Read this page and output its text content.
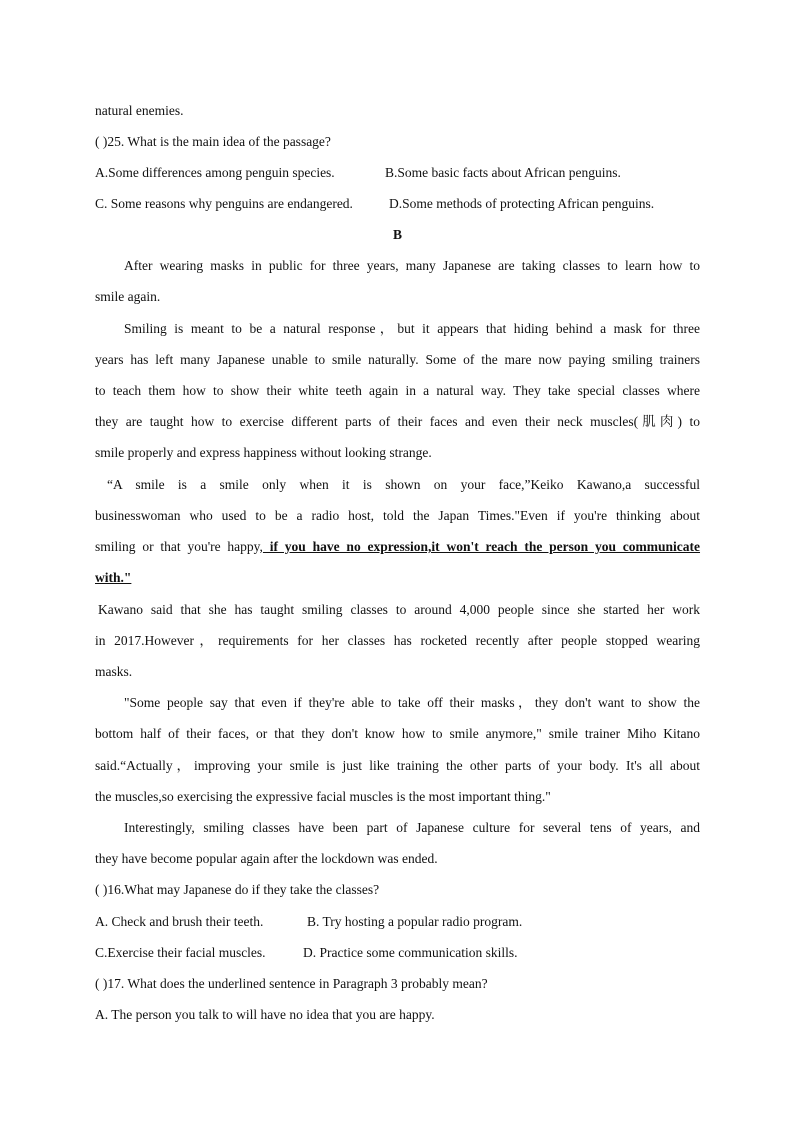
natural enemies.
( )25. What is the main idea of the passage?
A.Some differences among penguin species.	B.Some basic facts about African penguins.
C. Some reasons why penguins are endangered.	D.Some methods of protecting African penguins.
B
After wearing masks in public for three years, many Japanese are taking classes to learn how to
smile again.
Smiling is meant to be a natural response，but it appears that hiding behind a mask for three
years has left many Japanese unable to smile naturally. Some of the mare now paying smiling trainers
to teach them how to show their white teeth again in a natural way. They take special classes where
they are taught how to exercise different parts of their faces and even their neck muscles(肌肉) to
smile properly and express happiness without looking strange.
“A smile is a smile only when it is shown on your face,”Keiko Kawano,a successful
businesswoman who used to be a radio host, told the Japan Times."Even if you're thinking about
smiling or that you're happy, if you have no expression,it won't reach the person you communicate
with."
Kawano said that she has taught smiling classes to around 4,000 people since she started her work
in 2017.However，requirements for her classes has rocketed recently after people stopped wearing
masks.
"Some people say that even if they're able to take off their masks，they don't want to show the
bottom half of their faces, or that they don't know how to smile anymore," smile trainer Miho Kitano
said.“Actually，improving your smile is just like training the other parts of your body. It's all about
the muscles,so exercising the expressive facial muscles is the most important thing."
Interestingly, smiling classes have been part of Japanese culture for several tens of years, and
they have become popular again after the lockdown was ended.
( )16.What may Japanese do if they take the classes?
A. Check and brush their teeth.	B. Try hosting a popular radio program.
C.Exercise their facial muscles.	D. Practice some communication skills.
( )17. What does the underlined sentence in Paragraph 3 probably mean?
A. The person you talk to will have no idea that you are happy.
